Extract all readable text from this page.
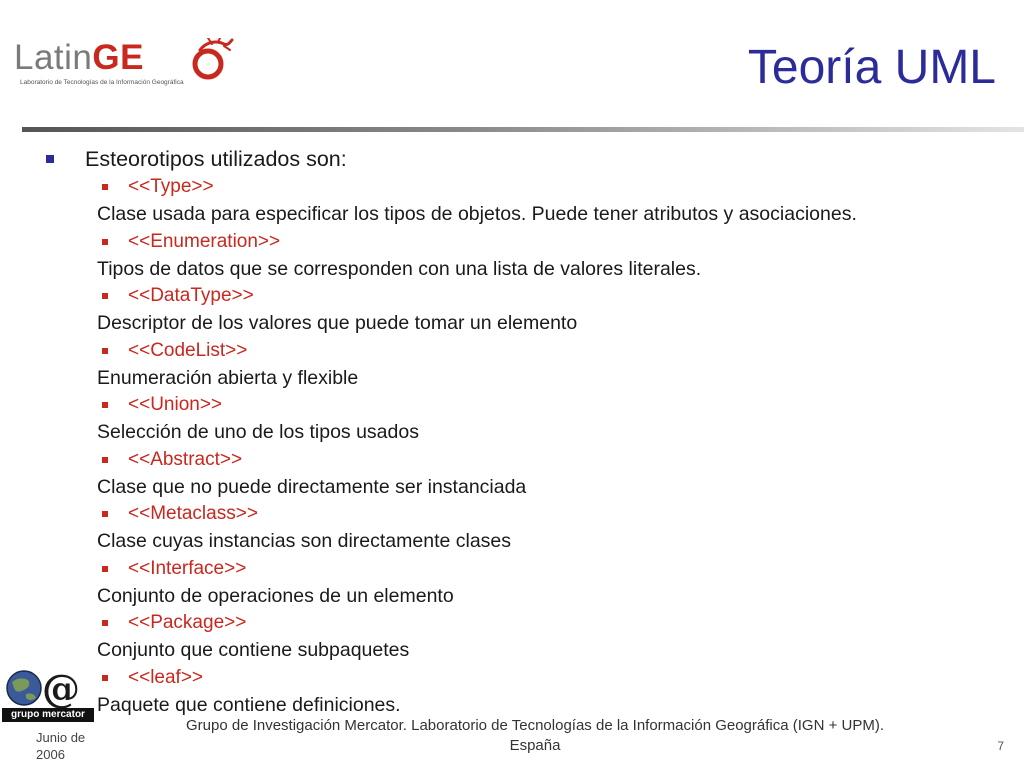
LatinGE
Laboratorio de Tecnologías de la Información Geográfica	Teoría UML
Esteorotipos utilizados son:
<<Type>>
Clase usada para especificar los tipos de objetos. Puede tener atributos y asociaciones.
<<Enumeration>>
Tipos de datos que se corresponden con una lista de valores literales.
<<DataType>>
Descriptor de los valores que puede tomar un elemento
<<CodeList>>
Enumeración abierta y flexible
<<Union>>
Selección de uno de los tipos usados
<<Abstract>>
Clase que no puede directamente ser instanciada
<<Metaclass>>
Clase cuyas instancias son directamente clases
<<Interface>>
Conjunto de operaciones de un elemento
<<Package>>
Conjunto que contiene subpaquetes
<<leaf>>
Paquete que contiene definiciones.
@
grupo mercator
Junio de
2006
Grupo de Investigación Mercator. Laboratorio de Tecnologías de la Información Geográfica (IGN + UPM).
España	7
